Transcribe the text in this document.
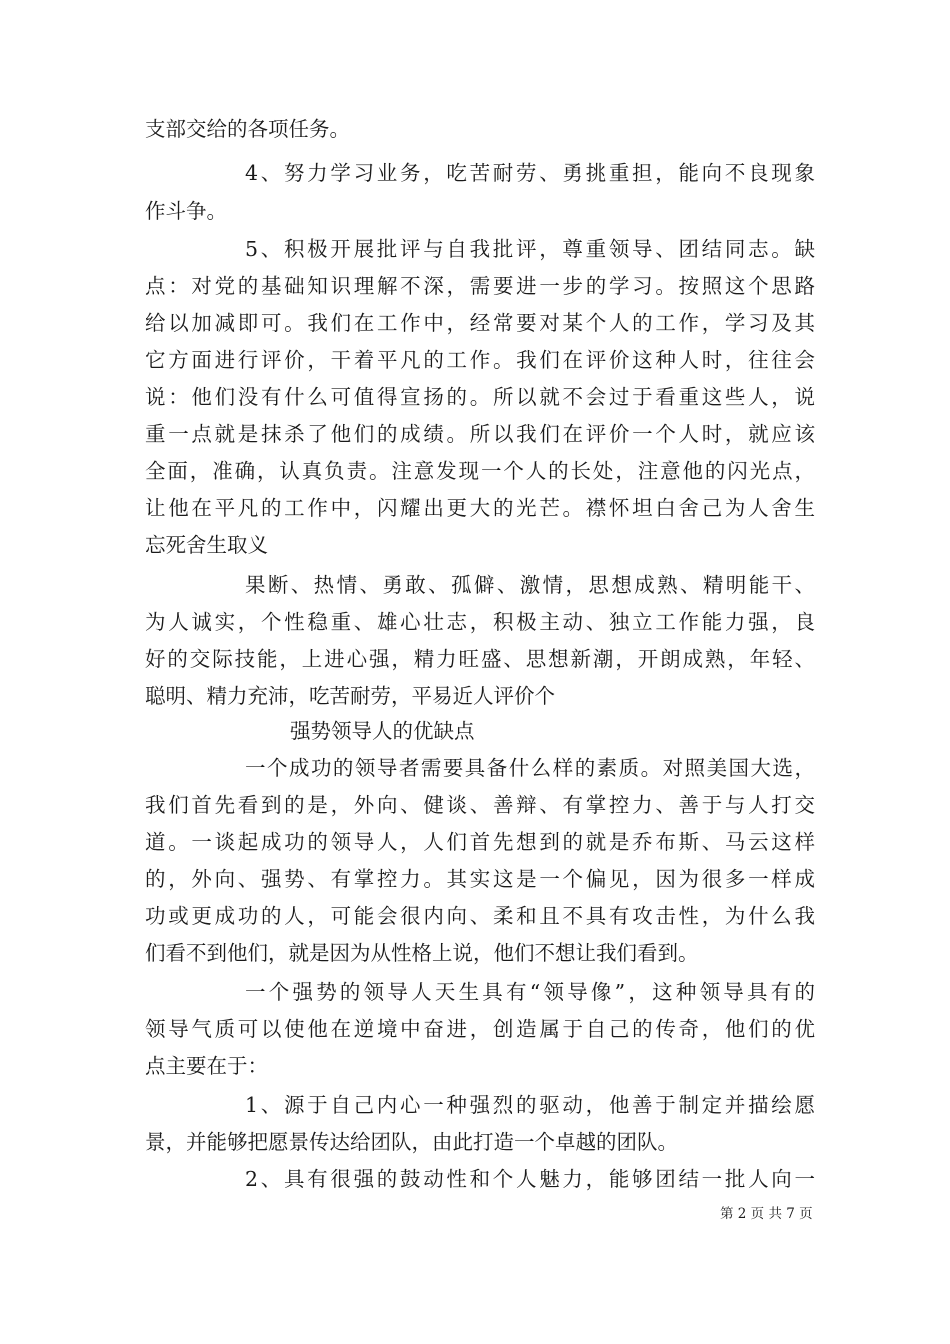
支部交给的各项任务。
4、努力学习业务，吃苦耐劳、勇挑重担，能向不良现象
作斗争。
5、积极开展批评与自我批评，尊重领导、团结同志。缺
点：对党的基础知识理解不深，需要进一步的学习。按照这个思路
给以加减即可。我们在工作中，经常要对某个人的工作，学习及其
它方面进行评价，干着平凡的工作。我们在评价这种人时，往往会
说：他们没有什么可值得宣扬的。所以就不会过于看重这些人，说
重一点就是抹杀了他们的成绩。所以我们在评价一个人时，就应该
全面，准确，认真负责。注意发现一个人的长处，注意他的闪光点，
让他在平凡的工作中，闪耀出更大的光芒。襟怀坦白舍己为人舍生
忘死舍生取义
果断、热情、勇敢、孤僻、激情，思想成熟、精明能干、
为人诚实，个性稳重、雄心壮志，积极主动、独立工作能力强，良
好的交际技能，上进心强，精力旺盛、思想新潮，开朗成熟，年轻、
聪明、精力充沛，吃苦耐劳，平易近人评价个
强势领导人的优缺点
一个成功的领导者需要具备什么样的素质。对照美国大选，
我们首先看到的是，外向、健谈、善辩、有掌控力、善于与人打交
道。一谈起成功的领导人，人们首先想到的就是乔布斯、马云这样
的，外向、强势、有掌控力。其实这是一个偏见，因为很多一样成
功或更成功的人，可能会很内向、柔和且不具有攻击性，为什么我
们看不到他们，就是因为从性格上说，他们不想让我们看到。
一个强势的领导人天生具有“领导像”，这种领导具有的
领导气质可以使他在逆境中奋进，创造属于自己的传奇，他们的优
点主要在于：
1、源于自己内心一种强烈的驱动，他善于制定并描绘愿
景，并能够把愿景传达给团队，由此打造一个卓越的团队。
2、具有很强的鼓动性和个人魅力，能够团结一批人向一
第 2 页 共 7 页
